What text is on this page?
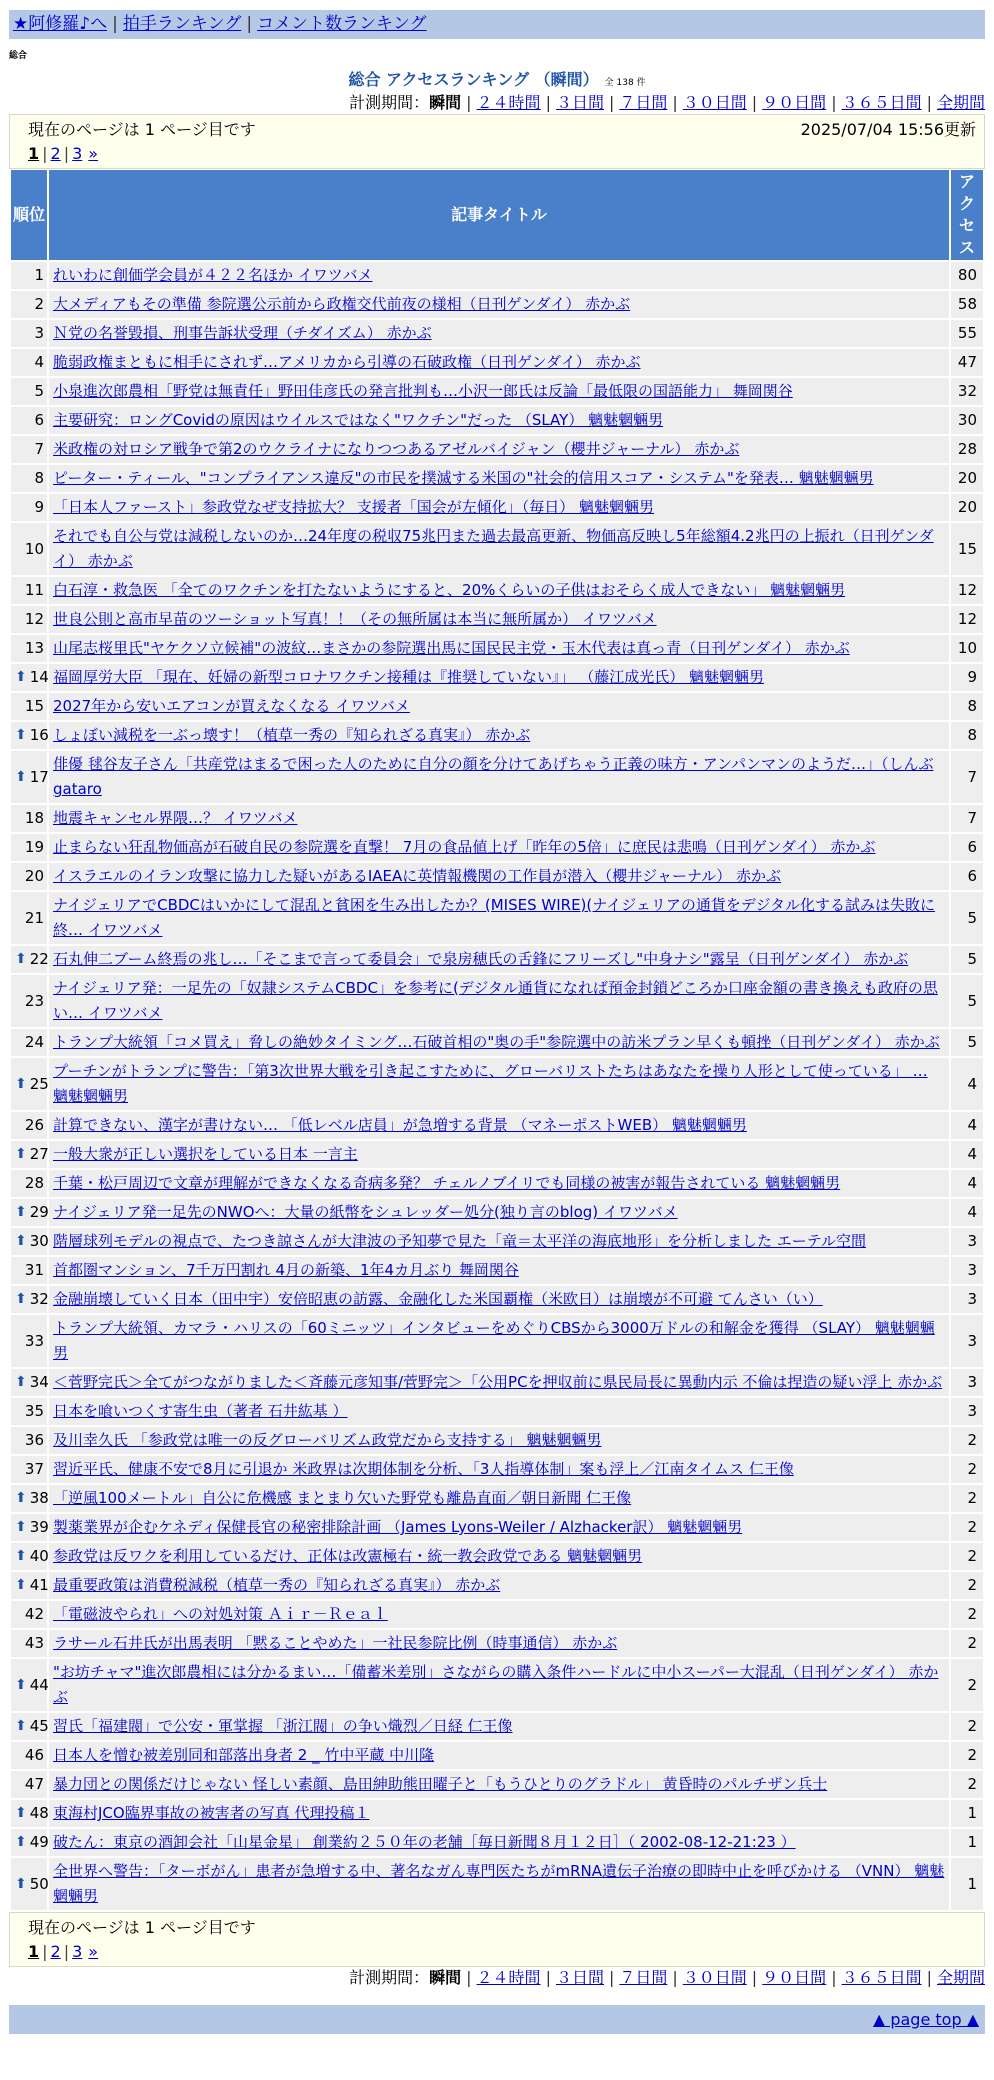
★阿修羅♪へ | 拍手ランキング | コメント数ランキング
総合
総合 アクセスランキング （瞬間） 全 138 件
計測期間：瞬間 | ２４時間 | ３日間 | ７日間 | ３０日間 | ９０日間 | ３６５日間 | 全期間
現在のページは 1 ページ目です	2025/07/04 15:56更新
1 | 2 | 3 »
順位	記事タイトル	アクセス
1	れいわに創価学会員が４２２名ほか イワツバメ	80
2	大メディアもその準備 参院選公示前から政権交代前夜の様相（日刊ゲンダイ） 赤かぶ	58
3	Ｎ党の名誉毀損、刑事告訴状受理（チダイズム） 赤かぶ	55
4	脆弱政権まともに相手にされず…アメリカから引導の石破政権（日刊ゲンダイ） 赤かぶ	47
5	小泉進次郎農相「野党は無責任」野田佳彦氏の発言批判も…小沢一郎氏は反論「最低限の国語能力」 舞岡関谷	32
6	主要研究：ロングCovidの原因はウイルスではなく"ワクチン"だった （SLAY） 魑魅魍魎男	30
7	米政権の対ロシア戦争で第2のウクライナになりつつあるアゼルバイジャン（櫻井ジャーナル） 赤かぶ	28
8	ピーター・ティール、"コンプライアンス違反"の市民を撲滅する米国の"社会的信用スコア・システム"を発表… 魑魅魍魎男	20
9	「日本人ファースト」参政党なぜ支持拡大？ 支援者「国会が左傾化」（毎日） 魑魅魍魎男	20
10	それでも自公与党は減税しないのか…24年度の税収75兆円また過去最高更新、物価高反映し5年総額4.2兆円の上振れ（日刊ゲンダイ） 赤かぶ	15
11	白石淳・救急医 「全てのワクチンを打たないようにすると、20%くらいの子供はおそらく成人できない」 魑魅魍魎男	12
12	世良公則と高市早苗のツーショット写真！！（その無所属は本当に無所属か） イワツバメ	12
13	山尾志桜里氏"ヤケクソ立候補"の波紋…まさかの参院選出馬に国民民主党・玉木代表は真っ青（日刊ゲンダイ） 赤かぶ	10

⬆ 14	福岡厚労大臣 「現在、妊婦の新型コロナワクチン接種は『推奨していない』」 （藤江成光氏） 魑魅魍魎男	9
15	2027年から安いエアコンが買えなくなる イワツバメ	8

⬆ 16	しょぼい減税を一ぶっ壊す！（植草一秀の『知られざる真実』） 赤かぶ	8

⬆ 17	俳優 毬谷友子さん「共産党はまるで困った人のために自分の顔を分けてあげちゃう正義の味方・アンパンマンのようだ…」（しんぶ gataro	7
18	地震キャンセル界隈…？ イワツバメ	7
19	止まらない狂乱物価高が石破自民の参院選を直撃！ 7月の食品値上げ「昨年の5倍」に庶民は悲鳴（日刊ゲンダイ） 赤かぶ	6
20	イスラエルのイラン攻撃に協力した疑いがあるIAEAに英情報機関の工作員が潜入（櫻井ジャーナル） 赤かぶ	6
21	ナイジェリアでCBDCはいかにして混乱と貧困を生み出したか？(MISES WIRE)(ナイジェリアの通貨をデジタル化する試みは失敗に終… イワツバメ	5

⬆ 22	石丸伸二ブーム終焉の兆し…「そこまで言って委員会」で泉房穂氏の舌鋒にフリーズし"中身ナシ"露呈（日刊ゲンダイ） 赤かぶ	5
23	ナイジェリア発：一足先の「奴隷システムCBDC」を参考に(デジタル通貨になれば預金封鎖どころか口座金額の書き換えも政府の思い… イワツバメ	5
24	トランプ大統領「コメ買え」脅しの絶妙タイミング…石破首相の"奥の手"参院選中の訪米プラン早くも頓挫（日刊ゲンダイ） 赤かぶ	5

⬆ 25	プーチンがトランプに警告：「第3次世界大戦を引き起こすために、グローバリストたちはあなたを操り人形として使っている」 … 魑魅魍魎男	4
26	計算できない、漢字が書けない… 「低レベル店員」が急増する背景 （マネーポストWEB） 魑魅魍魎男	4

⬆ 27	一般大衆が正しい選択をしている日本 一言主	4
28	千葉・松戸周辺で文章が理解ができなくなる奇病多発？ チェルノブイリでも同様の被害が報告されている 魑魅魍魎男	4

⬆ 29	ナイジェリア発一足先のNWOへ：大量の紙幣をシュレッダー処分(独り言のblog) イワツバメ	4

⬆ 30	階層球列モデルの視点で、たつき諒さんが大津波の予知夢で見た「竜＝太平洋の海底地形」を分析しました エーテル空間	3
31	首都圏マンション、7千万円割れ 4月の新築、1年4カ月ぶり 舞岡関谷	3

⬆ 32	金融崩壊していく日本（田中宇）安倍昭恵の訪露、金融化した米国覇権（米欧日）は崩壊が不可避 てんさい（い）	3
33	トランプ大統領、カマラ・ハリスの「60ミニッツ」インタビューをめぐりCBSから3000万ドルの和解金を獲得 （SLAY） 魑魅魍魎男	3

⬆ 34	＜菅野完氏＞全てがつながりました＜斉藤元彦知事/菅野完＞「公用PCを押収前に県民局長に異動内示 不倫は捏造の疑い浮上 赤かぶ	3
35	日本を喰いつくす寄生虫（著者 石井紘基 ）	3
36	及川幸久氏 「参政党は唯一の反グローバリズム政党だから支持する」 魑魅魍魎男	2
37	習近平氏、健康不安で8月に引退か 米政界は次期体制を分析、「3人指導体制」案も浮上／江南タイムス 仁王像	2

⬆ 38	「逆風100メートル」自公に危機感 まとまり欠いた野党も離島直面／朝日新聞 仁王像	2

⬆ 39	製薬業界が企むケネディ保健長官の秘密排除計画 （James Lyons-Weiler / Alzhacker訳） 魑魅魍魎男	2

⬆ 40	参政党は反ワクを利用しているだけ、正体は改憲極右・統一教会政党である 魑魅魍魎男	2

⬆ 41	最重要政策は消費税減税（植草一秀の『知られざる真実』） 赤かぶ	2
42	「電磁波やられ」への対処対策 Ａｉｒ－Ｒｅａｌ	2
43	ラサール石井氏が出馬表明 「黙ることやめた」一社民参院比例（時事通信） 赤かぶ	2

⬆ 44	"お坊チャマ"進次郎農相には分かるまい…「備蓄米差別」さながらの購入条件ハードルに中小スーパー大混乱（日刊ゲンダイ） 赤かぶ	2

⬆ 45	習氏「福建閥」で公安・軍掌握 「浙江閥」の争い熾烈／日経 仁王像	2
46	日本人を憎む被差別同和部落出身者 2 _ 竹中平蔵 中川隆	2
47	暴力団との関係だけじゃない 怪しい素顔、島田紳助熊田曜子と「もうひとりのグラドル」 黄昏時のパルチザン兵士	2

⬆ 48	東海村JCO臨界事故の被害者の写真 代理投稿１	1

⬆ 49	破たん：東京の酒卸会社「山星金星」 創業約２５０年の老舗［毎日新聞８月１２日］（ 2002-08-12-21:23 ）	1

⬆ 50	全世界へ警告：「ターボがん」患者が急増する中、著名なガん専門医たちがmRNA遺伝子治療の即時中止を呼びかける （VNN） 魑魅魍魎男	1
現在のページは 1 ページ目です
1 | 2 | 3 »
計測期間：瞬間 | ２４時間 | ３日間 | ７日間 | ３０日間 | ９０日間 | ３６５日間 | 全期間
▲ page top ▲
